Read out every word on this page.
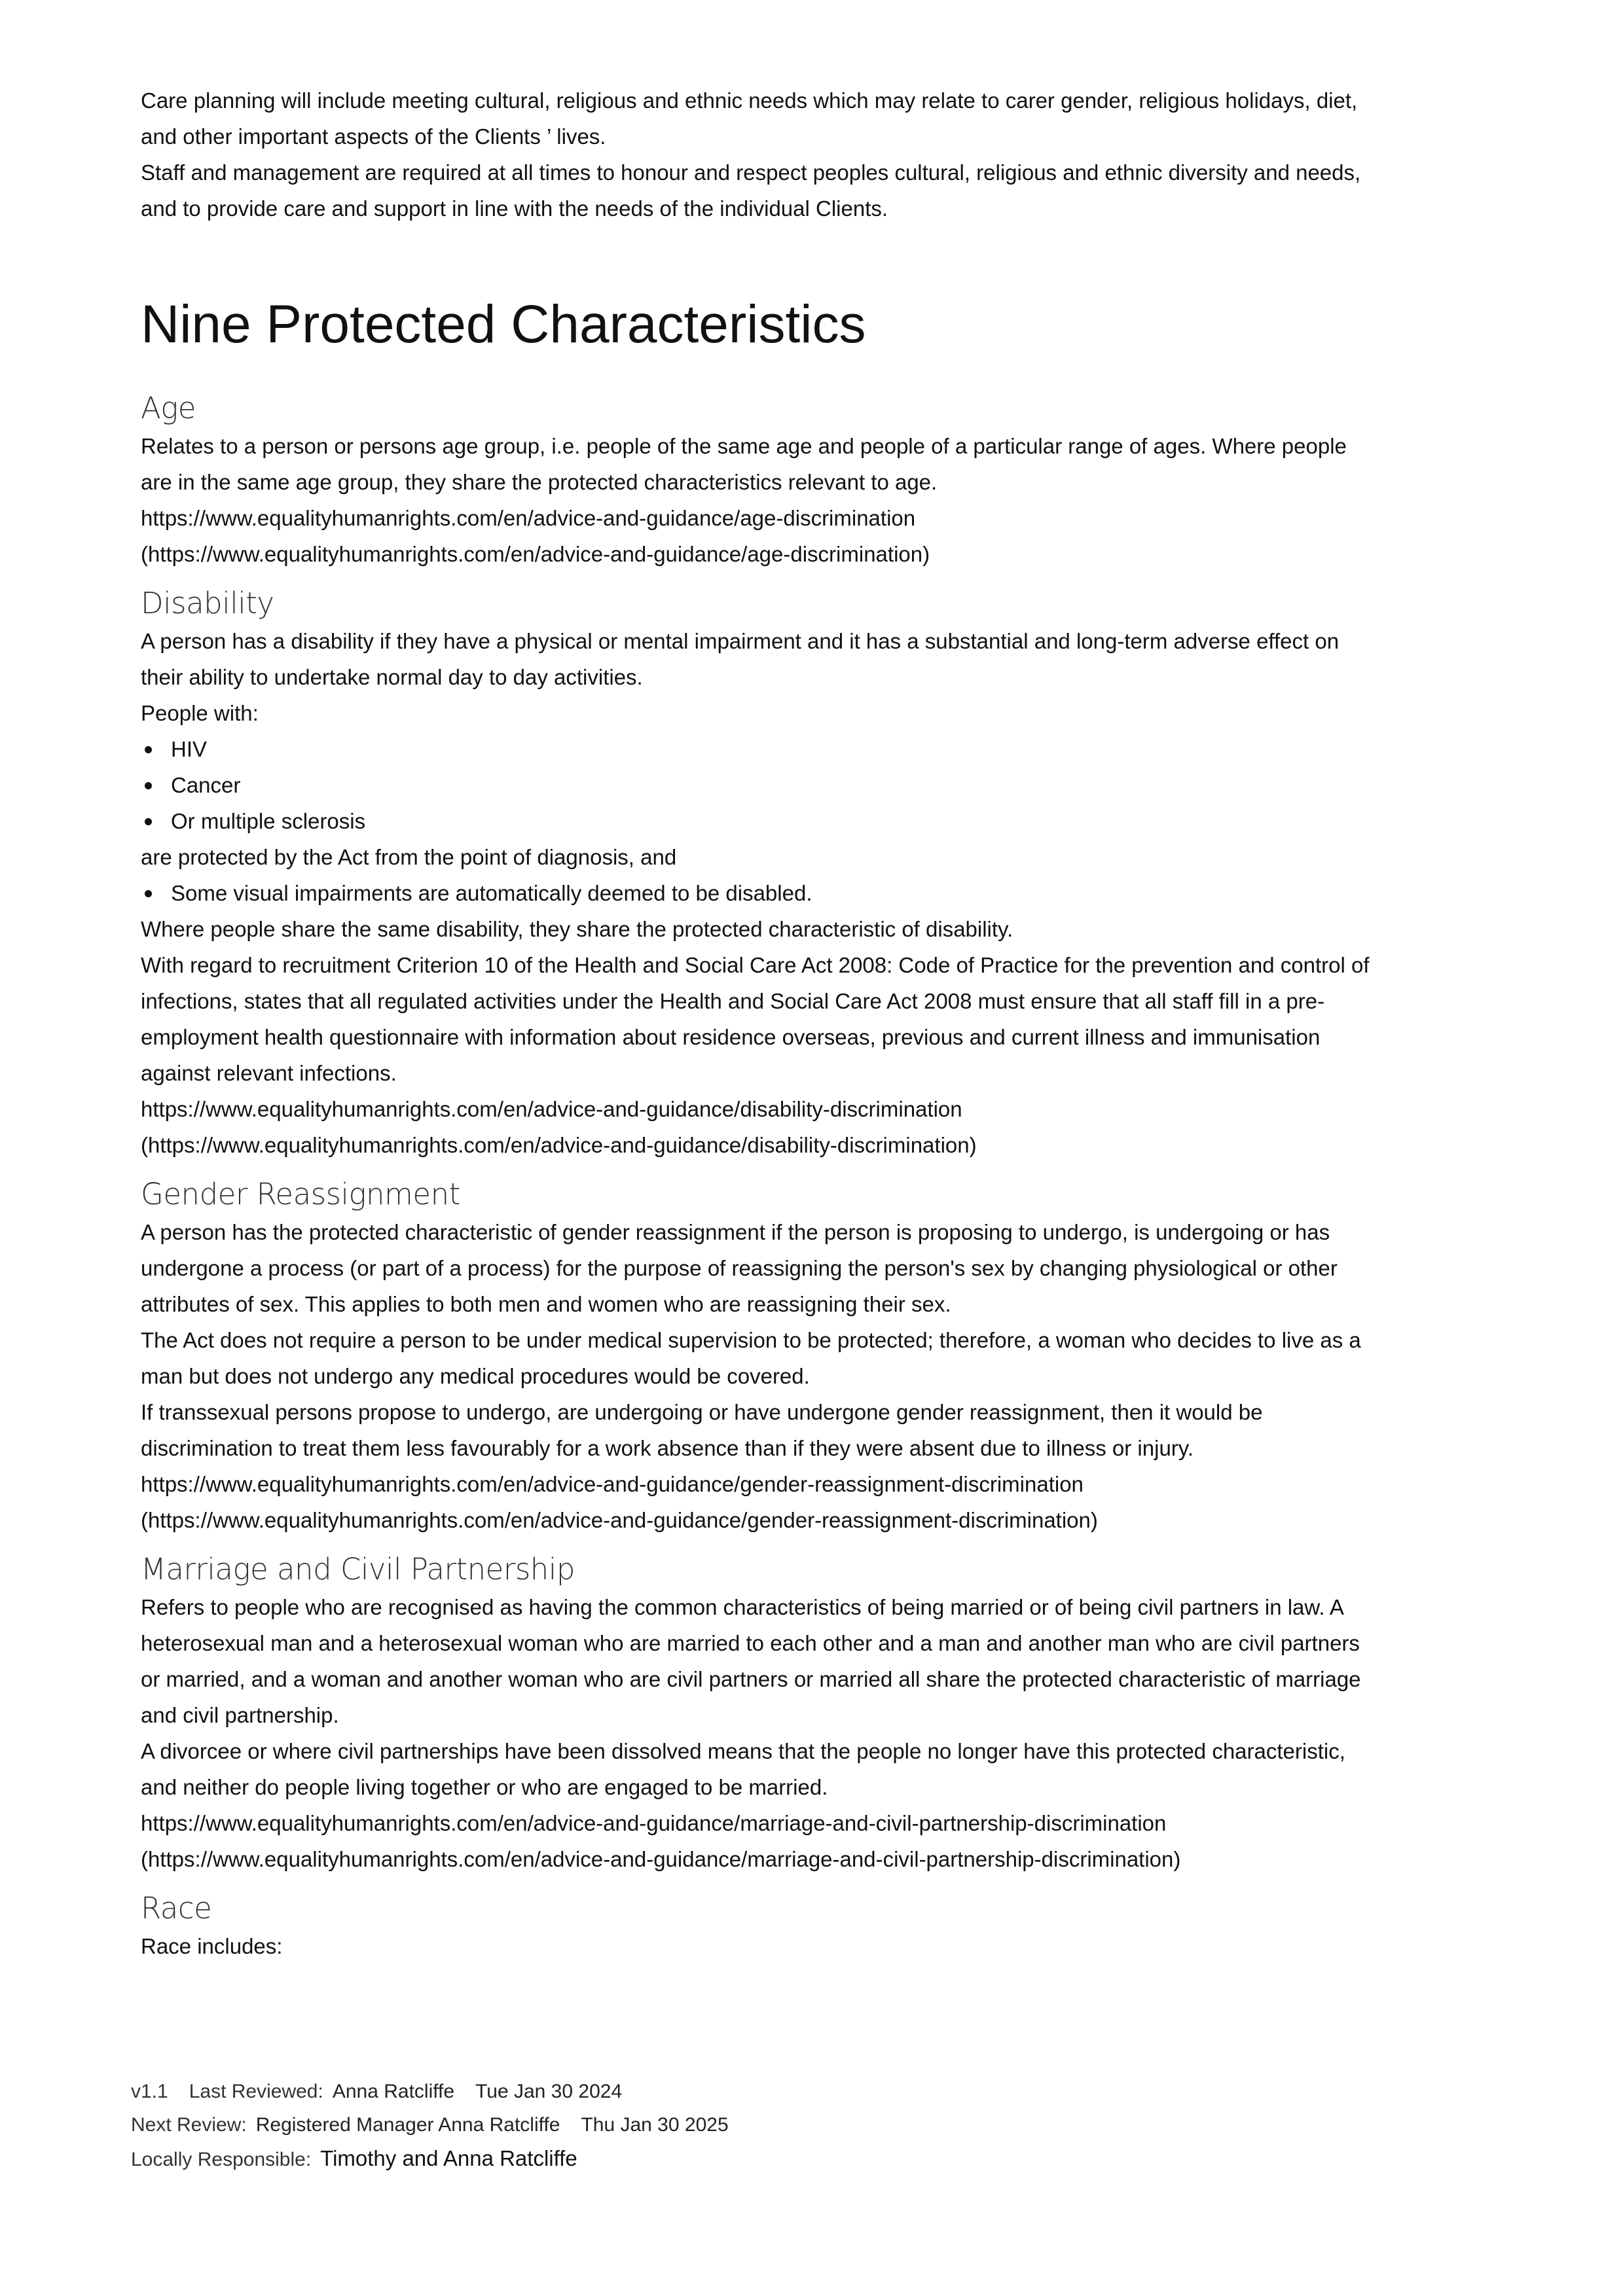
Care planning will include meeting cultural, religious and ethnic needs which may relate to carer gender, religious holidays, diet, and other important aspects of the Clients ’ lives.

Staff and management are required at all times to honour and respect peoples cultural, religious and ethnic diversity and needs, and to provide care and support in line with the needs of the individual Clients.

Nine Protected Characteristics
Age

Relates to a person or persons age group, i.e. people of the same age and people of a particular range of ages. Where people are in the same age group, they share the protected characteristics relevant to age.

https://www.equalityhumanrights.com/en/advice-and-guidance/age-discrimination

(https://www.equalityhumanrights.com/en/advice-and-guidance/age-discrimination)

Disability

A person has a disability if they have a physical or mental impairment and it has a substantial and long-term adverse effect on their ability to undertake normal day to day activities.

People with:

HIV
Cancer
Or multiple sclerosis

are protected by the Act from the point of diagnosis, and

Some visual impairments are automatically deemed to be disabled.

Where people share the same disability, they share the protected characteristic of disability.

With regard to recruitment Criterion 10 of the Health and Social Care Act 2008: Code of Practice for the prevention and control of infections, states that all regulated activities under the Health and Social Care Act 2008 must ensure that all staff fill in a pre-employment health questionnaire with information about residence overseas, previous and current illness and immunisation against relevant infections.

https://www.equalityhumanrights.com/en/advice-and-guidance/disability-discrimination

(https://www.equalityhumanrights.com/en/advice-and-guidance/disability-discrimination)

Gender Reassignment

A person has the protected characteristic of gender reassignment if the person is proposing to undergo, is undergoing or has undergone a process (or part of a process) for the purpose of reassigning the person's sex by changing physiological or other attributes of sex. This applies to both men and women who are reassigning their sex.

The Act does not require a person to be under medical supervision to be protected; therefore, a woman who decides to live as a man but does not undergo any medical procedures would be covered.

If transsexual persons propose to undergo, are undergoing or have undergone gender reassignment, then it would be discrimination to treat them less favourably for a work absence than if they were absent due to illness or injury.

https://www.equalityhumanrights.com/en/advice-and-guidance/gender-reassignment-discrimination

(https://www.equalityhumanrights.com/en/advice-and-guidance/gender-reassignment-discrimination)

Marriage and Civil Partnership

Refers to people who are recognised as having the common characteristics of being married or of being civil partners in law. A heterosexual man and a heterosexual woman who are married to each other and a man and another man who are civil partners or married, and a woman and another woman who are civil partners or married all share the protected characteristic of marriage and civil partnership.

A divorcee or where civil partnerships have been dissolved means that the people no longer have this protected characteristic, and neither do people living together or who are engaged to be married.

https://www.equalityhumanrights.com/en/advice-and-guidance/marriage-and-civil-partnership-discrimination

(https://www.equalityhumanrights.com/en/advice-and-guidance/marriage-and-civil-partnership-discrimination)

Race

Race includes:

v1.1 Last Reviewed: Anna Ratcliffe Tue Jan 30 2024
Next Review: Registered Manager Anna Ratcliffe Thu Jan 30 2025
Locally Responsible: Timothy and Anna Ratcliffe
